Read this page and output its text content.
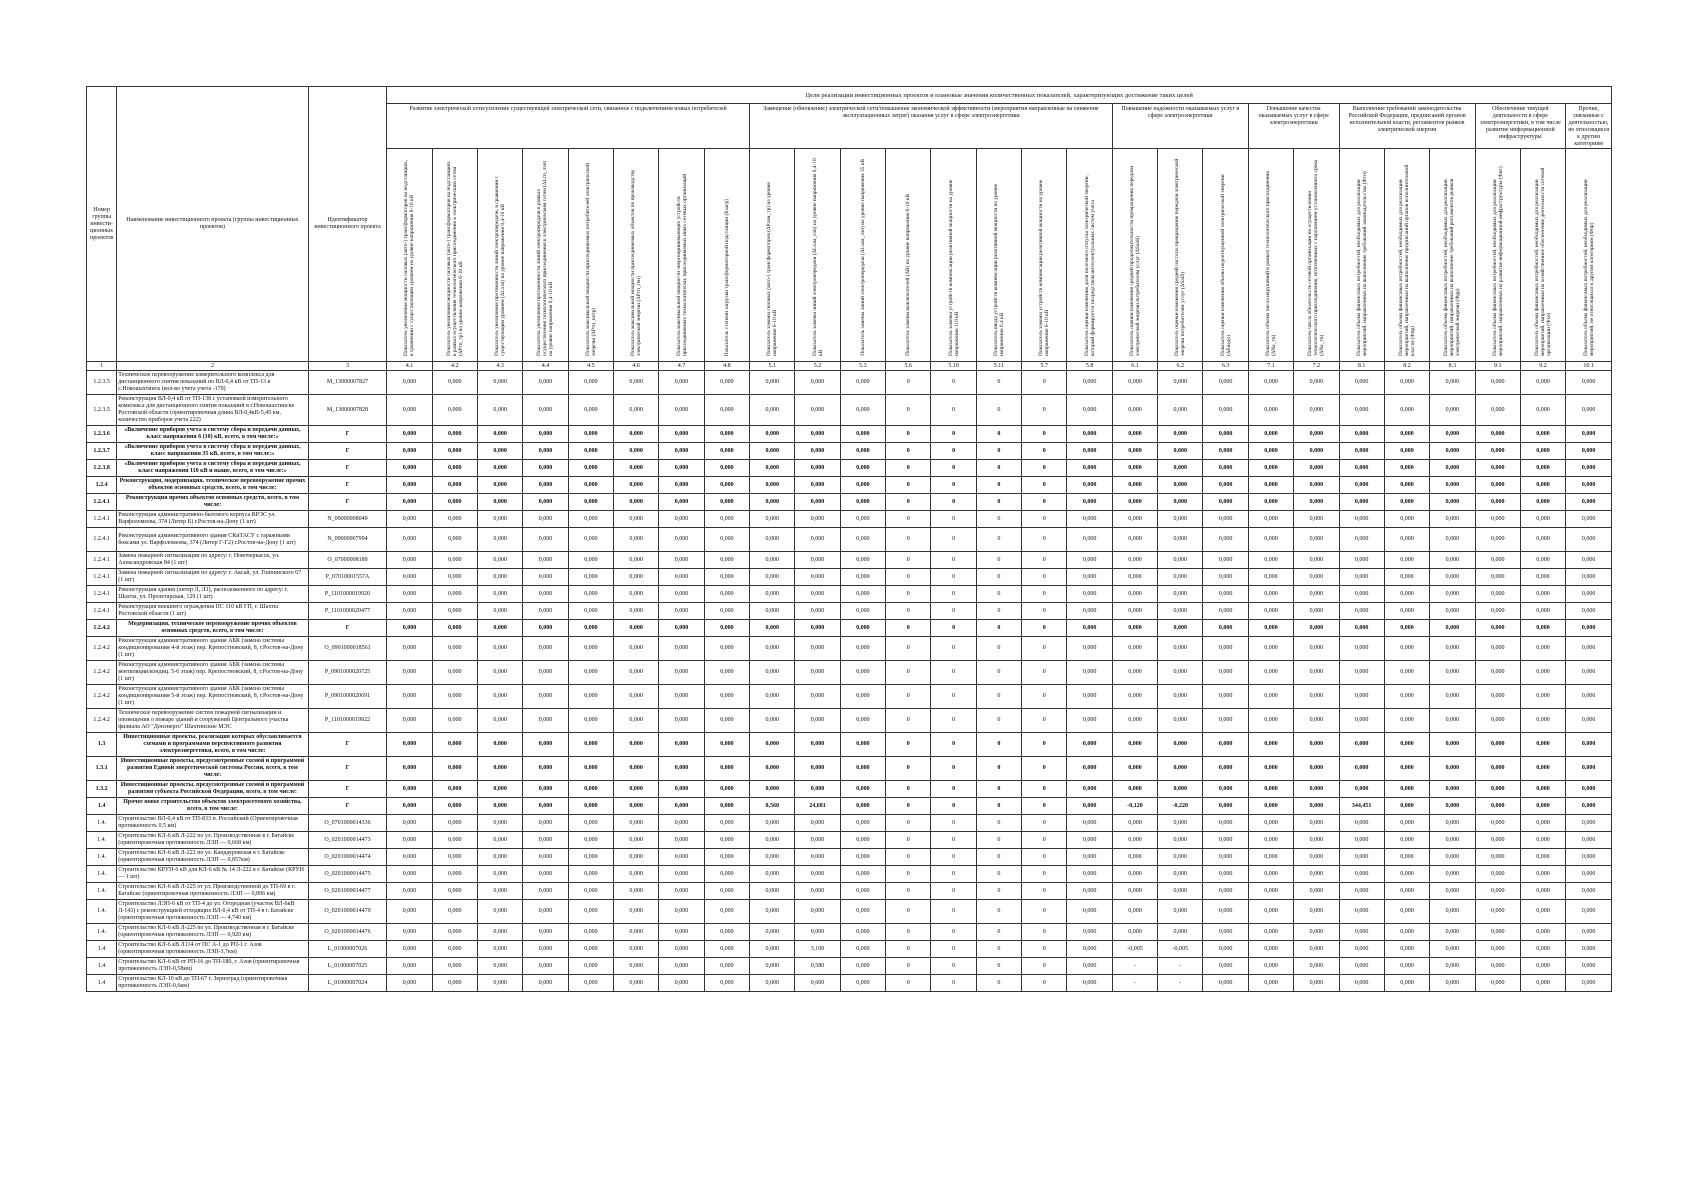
Номер группы инвести-ционных проектов	Наименование инвестиционного проекта (группы инвестиционных проектов)	Идентификатор инвестиционного проекта	Цели реализации инвестиционных проектов и плановые значения количественных показателей, характеризующих достижение таких целей																										
			Развитие электрической сети/усиление существующей электрической сети, связанное с подключением новых потребителей								Замещение (обновление) электрической сети/повышение экономической эффективности (мероприятия направленные на снижение эксплуатационных затрат) оказания услуг в сфере электроэнергетики								Повышение надежности оказываемых услуг в сфере электроэнергетики			Повышение качества оказываемых услуг в сфере электроэнергетики		Выполнение требований законодательства Российской Федерации, предписаний органов исполнительной власти, регламентов рынков электрической энергии			Обеспечение текущей деятельности в сфере электроэнергетики, в том числе развитие информационной инфраструктуры		Прочие, связанные с деятельностью, не относящиеся к другим категориям
			Показатель увеличения мощности силовых (авто-) трансформаторов на подстанциях, в сравнении с существующим уровнем на уровне напряжения 6-10 кВ	Показатель увеличения мощности силовых (авто-) трансформаторов на подстанциях в рамках осуществления технологического присоединения к электрическим сетям (ΔPтп_тр) на уровне напряжения 6-10 кВ	Показатель увеличения протяженности линий электропередачи, в сравнении с существующим уровнем (ΔLлэп) на уровне напряжения 0,4-10 кВ	Показатель увеличения протяженности линий электропередачи в рамках осуществления технологического присоединения к электрическим сетям (ΔLтп_лэп) на уровне напряжения 0,4-10 кВ	Показатель максимальной мощности присоединяемых потребителей электрической энергии (ΔPтп_потр)	Показатель максимальной мощности присоединяемых объектов по производству электрической энергии (ΔPтп_ген)	Показатель максимальной мощности энергопринимающих устройств присоединяемых технологически, присоединяемых иных сетевых организаций	Показатель степени загрузки трансформаторной подстанции (Кзагр)	Показатель замены силовых (авто-) трансформаторов (ΔPзам_тр) на уровне напряжения 6-10 кВ	Показатель замены линий электропередачи (ΔLзам_лэп) на уровне напряжения 0,4-10 кВ	Показатель замены линий электропередачи (ΔLзам_лэп) на уровне напряжения 35 кВ	Показатель замены выключателей (ΔB) на уровне напряжения 6-10 кВ	Показатель замены устройств компенсации реактивной мощности на уровне напряжения 110 кВ	Показатель ввода устройств компенсации реактивной мощности на уровне напряжения 0,4 кВ	Показатель замены устройств компенсации реактивной мощности на уровне напряжения 6-10 кВ	Показатель оценки изменения доли полезного отпуска электрической энергии, который формируется посредством интеллектуальных систем учета	Показатель оценки изменения средней продолжительности прекращения передачи электрической энергии потребителям услуг (ΔSaidi)	Показатель оценки изменения средней частоты прекращения передачи электрической энергии потребителям услуг (ΔSaifi)	Показатель оценки изменения объема недоотпущенной электрической энергии (ΔEнедо)	Показатель объема числа нарушений в рамках технологического присоединения (ΔNа_тп)	Показатель числа обязательств сетевой организации по осуществлению технологического присоединения, исполненных с нарушением установленного срока (ΔNа_тп)	Показатель объема финансовых потребностей, необходимых для реализации мероприятий, направленных на выполнение требований законодательства (Фтп)	Показатель объема финансовых потребностей, необходимых для реализации мероприятий, направленных на выполнение предписаний органов исполнительной власти (Фпр)	Показатель объема финансовых потребностей, необходимых для реализации мероприятий, направленных на выполнение требований регламентов рынков электрической энергии (Фрр)	Показатель объема финансовых потребностей, необходимых для реализации мероприятий, направленных на развитие информационной инфраструктуры (Фит)	Показатель объема финансовых потребностей, необходимых для реализации мероприятий, направленных на хозяйственное обеспечение деятельности сетевой организации (Фхо)	Показатель объема финансовых потребностей, необходимых для реализации мероприятий, не относящихся к другим категориям (Фпр)
1	2	3	4.1	4.2	4.3	4.4	4.5	4.6	4.7	4.8	5.1	5.2	5.3	5.6	5.10	5.11	5.7	5.8	6.1	6.2	6.3	7.1	7.2	8.1	8.2	8.3	9.1	9.2	10.1
1.2.3.5	Техническое перевооружение измерительного комплекса для дистанционного снятия показаний по ВЛ-0,4 кВ от ТП-13 в с.Новошахтинск (кол-во учета учета -179)	M_13000007827	0,000	0,000	0,000	0,000	0,000	0,000	0,000	0,000	0,000	0,000	0,000	0	0	0	0	0,000	0,000	0,000	0,000	0,000	0,000	0,000	0,000	0,000	0,000	0,000	0,000
1.2.3.5	Реконструкция ВЛ-0,4 кВ от ТП-138 с установкой измерительного комплекса для дистанционного снятия показаний в г.Новошахтинске Ростовской области (ориентировочная длина ВЛ-0,4кВ-5,45 км, количество приборов учета 222)	M_13000007828	0,000	0,000	0,000	0,000	0,000	0,000	0,000	0,000	0,000	0,000	0,000	0	0	0	0	0,000	0,000	0,000	0,000	0,000	0,000	0,000	0,000	0,000	0,000	0,000	0,000
1.2.3.6	«Включение приборов учета в систему сбора и передачи данных, класс напряжения 6 (10) кВ, всего, в том числе:»	Г	0,000	0,000	0,000	0,000	0,000	0,000	0,000	0,000	0,000	0,000	0,000	0	0	0	0	0,000	0,000	0,000	0,000	0,000	0,000	0,000	0,000	0,000	0,000	0,000	0,000
1.2.3.7	«Включение приборов учета в систему сбора и передачи данных, класс напряжения 35 кВ, всего, в том числе:»	Г	0,000	0,000	0,000	0,000	0,000	0,000	0,000	0,000	0,000	0,000	0,000	0	0	0	0	0,000	0,000	0,000	0,000	0,000	0,000	0,000	0,000	0,000	0,000	0,000	0,000
1.2.3.8	«Включение приборов учета в систему сбора и передачи данных, класс напряжения 110 кВ и выше, всего, в том числе:»	Г	0,000	0,000	0,000	0,000	0,000	0,000	0,000	0,000	0,000	0,000	0,000	0	0	0	0	0,000	0,000	0,000	0,000	0,000	0,000	0,000	0,000	0,000	0,000	0,000	0,000
1.2.4	Реконструкция, модернизация, техническое перевооружение прочих объектов основных средств, всего, в том числе:	Г	0,000	0,000	0,000	0,000	0,000	0,000	0,000	0,000	0,000	0,000	0,000	0	0	0	0	0,000	0,000	0,000	0,000	0,000	0,000	0,000	0,000	0,000	0,000	0,000	0,000
1.2.4.1	Реконструкция прочих объектов основных средств, всего, в том числе:	Г	0,000	0,000	0,000	0,000	0,000	0,000	0,000	0,000	0,000	0,000	0,000	0	0	0	0	0,000	0,000	0,000	0,000	0,000	0,000	0,000	0,000	0,000	0,000	0,000	0,000
1.2.4.1	Реконструкция административно-бытового корпуса ВРЭС ул. Варфоломеева, 374 (Литер Б) г.Ростов-на-Дону (1 шт)	N_09000008049	0,000	0,000	0,000	0,000	0,000	0,000	0,000	0,000	0,000	0,000	0,000	0	0	0	0	0,000	0,000	0,000	0,000	0,000	0,000	0,000	0,000	0,000	0,000	0,000	0,000
1.2.4.1	Реконструкция административного здания СКиТАСУ с гаражными боксами ул. Варфоломеева, 374 (Литер Г-Г2) г.Ростов-на-Дону (1 шт)	N_09000007994	0,000	0,000	0,000	0,000	0,000	0,000	0,000	0,000	0,000	0,000	0,000	0	0	0	0	0,000	0,000	0,000	0,000	0,000	0,000	0,000	0,000	0,000	0,000	0,000	0,000
1.2.4.1	Замена пожарной сигнализации по адресу: г. Новочеркасск, ул. Александровская 84 (1 шт)	O_07000008189	0,000	0,000	0,000	0,000	0,000	0,000	0,000	0,000	0,000	0,000	0,000	0	0	0	0	0,000	0,000	0,000	0,000	0,000	0,000	0,000	0,000	0,000	0,000	0,000	0,000
1.2.4.1	Замена пожарной сигнализации по адресу: г. Аксай, ул. Гоппинского 67 (1 шт)	P_07010001557А	0,000	0,000	0,000	0,000	0,000	0,000	0,000	0,000	0,000	0,000	0,000	0	0	0	0	0,000	0,000	0,000	0,000	0,000	0,000	0,000	0,000	0,000	0,000	0,000	0,000
1.2.4.1	Реконструкция здания (литер Л, Л1), расположенного по адресу: г. Шахты, ул. Пролетарская, 129 (1 шт)	P_1101000019920	0,000	0,000	0,000	0,000	0,000	0,000	0,000	0,000	0,000	0,000	0,000	0	0	0	0	0,000	0,000	0,000	0,000	0,000	0,000	0,000	0,000	0,000	0,000	0,000	0,000
1.2.4.1	Реконструкция внешнего ограждения ПС 110 кВ ГП, г. Шахты Ростовской области (1 шт)	P_1101000020477	0,000	0,000	0,000	0,000	0,000	0,000	0,000	0,000	0,000	0,000	0,000	0	0	0	0	0,000	0,000	0,000	0,000	0,000	0,000	0,000	0,000	0,000	0,000	0,000	0,000
1.2.4.2	Модернизация, техническое перевооружение прочих объектов основных средств, всего, в том числе:	Г	0,000	0,000	0,000	0,000	0,000	0,000	0,000	0,000	0,000	0,000	0,000	0	0	0	0	0,000	0,000	0,000	0,000	0,000	0,000	0,000	0,000	0,000	0,000	0,000	0,000
1.2.4.2	Реконструкция административного здания АБК (замена системы кондиционирования 4-й этаж) пер. Крепостновский, 8, г.Ростов-на-Дону (1 шт)	O_0901000018561	0,000	0,000	0,000	0,000	0,000	0,000	0,000	0,000	0,000	0,000	0,000	0	0	0	0	0,000	0,000	0,000	0,000	0,000	0,000	0,000	0,000	0,000	0,000	0,000	0,000
1.2.4.2	Реконструкция административного здания АБК (замена системы вентиляции/кондиц. 5-6 этаж) пер. Крепостновский, 8, г.Ростов-на-Дону (1 шт)	P_0901000020725	0,000	0,000	0,000	0,000	0,000	0,000	0,000	0,000	0,000	0,000	0,000	0	0	0	0	0,000	0,000	0,000	0,000	0,000	0,000	0,000	0,000	0,000	0,000	0,000	0,000
1.2.4.2	Реконструкция административного здания АБК (замена системы кондиционирования 5-й этаж) пер. Крепостновский, 8, г.Ростов-на-Дону (1 шт)	P_0901000020691	0,000	0,000	0,000	0,000	0,000	0,000	0,000	0,000	0,000	0,000	0,000	0	0	0	0	0,000	0,000	0,000	0,000	0,000	0,000	0,000	0,000	0,000	0,000	0,000	0,000
1.2.4.2	Техническое перевооружение систем пожарной сигнализации и оповещения о пожаре зданий и сооружений Центрального участка филиала АО "Донэнерго" Шахтинские МЭС	P_1101000019922	0,000	0,000	0,000	0,000	0,000	0,000	0,000	0,000	0,000	0,000	0,000	0	0	0	0	0,000	0,000	0,000	0,000	0,000	0,000	0,000	0,000	0,000	0,000	0,000	0,000
1.3	Инвестиционные проекты, реализация которых обуславливается схемами и программами перспективного развития электроэнергетики, всего, в том числе:	Г	0,000	0,000	0,000	0,000	0,000	0,000	0,000	0,000	0,000	0,000	0,000	0	0	0	0	0,000	0,000	0,000	0,000	0,000	0,000	0,000	0,000	0,000	0,000	0,000	0,000
1.3.1	Инвестиционные проекты, предусмотренные схемой и программой развития Единой энергетической системы России, всего, в том числе:	Г	0,000	0,000	0,000	0,000	0,000	0,000	0,000	0,000	0,000	0,000	0,000	0	0	0	0	0,000	0,000	0,000	0,000	0,000	0,000	0,000	0,000	0,000	0,000	0,000	0,000
1.3.2	Инвестиционные проекты, предусмотренные схемой и программой развития субъекта Российской Федерации, всего, в том числе:	Г	0,000	0,000	0,000	0,000	0,000	0,000	0,000	0,000	0,000	0,000	0,000	0	0	0	0	0,000	0,000	0,000	0,000	0,000	0,000	0,000	0,000	0,000	0,000	0,000	0,000
1.4	Прочее новое строительство объектов электросетевого хозяйства, всего, в том числе:	Г	0,000	0,000	0,000	0,000	0,000	0,000	0,000	0,000	8,560	24,681	0,000	0	0	0	0	0,000	-0,120	-0,220	0,000	0,000	0,000	344,451	0,000	0,000	0,000	0,000	0,000
1.4.	Строительство ВЛ-0,4 кВ от ТП-833 п. Российский (Ориентировочная протяженность 0,5 км)	O_0701000014336	0,000	0,000	0,000	0,000	0,000	0,000	0,000	0,000	0,000	0,000	0,000	0	0	0	0	0,000	0,000	0,000	0,000	0,000	0,000	0,000	0,000	0,000	0,000	0,000	0,000
1.4.	Строительство КЛ-6 кВ Л-222 по ул. Производственная в г. Батайске (ориентировочная протяженность ЛЭП — 0,668 км)	O_0201000014473	0,000	0,000	0,000	0,000	0,000	0,000	0,000	0,000	0,000	0,000	0,000	0	0	0	0	0,000	0,000	0,000	0,000	0,000	0,000	0,000	0,000	0,000	0,000	0,000	0,000
1.4.	Строительство КЛ-6 кВ Л-222 по ул. Кандауровская в г. Батайске (ориентировочная протяженность ЛЭП — 0,857км)	O_0201000014474	0,000	0,000	0,000	0,000	0,000	0,000	0,000	0,000	0,000	0,000	0,000	0	0	0	0	0,000	0,000	0,000	0,000	0,000	0,000	0,000	0,000	0,000	0,000	0,000	0,000
1.4.	Строительство КРУН-6 кВ для КЛ-6 кВ № 14 Л-222 в г. Батайске (КРУН — 1 шт)	O_0201000014475	0,000	0,000	0,000	0,000	0,000	0,000	0,000	0,000	0,000	0,000	0,000	0	0	0	0	0,000	0,000	0,000	0,000	0,000	0,000	0,000	0,000	0,000	0,000	0,000	0,000
1.4.	Строительство КЛ-6 кВ Л-225 от ул. Производственной до ТП-69 в г. Батайске (ориентировочная протяженность ЛЭП — 0,896 км)	O_0201000014477	0,000	0,000	0,000	0,000	0,000	0,000	0,000	0,000	0,000	0,000	0,000	0	0	0	0	0,000	0,000	0,000	0,000	0,000	0,000	0,000	0,000	0,000	0,000	0,000	0,000
1.4.	Строительство ЛЭП-6 кВ от ТП-4 до ул. Огородная (участок ВЛ-6кВ Л-143) с реконструкцией отходящих ВЛ-0,4 кВ от ТП-4 в г. Батайске (ориентировочная протяженность ЛЭП — 4,740 км)	O_0201000014479	0,000	0,000	0,000	0,000	0,000	0,000	0,000	0,000	0,000	0,000	0,000	0	0	0	0	0,000	0,000	0,000	0,000	0,000	0,000	0,000	0,000	0,000	0,000	0,000	0,000
1.4.	Строительство КЛ-6 кВ Л-225 по ул. Производственная в г. Батайске (ориентировочная протяженность ЛЭП — 0,920 км)	O_0201000014476	0,000	0,000	0,000	0,000	0,000	0,000	0,000	0,000	0,000	0,000	0,000	0	0	0	0	0,000	0,000	0,000	0,000	0,000	0,000	0,000	0,000	0,000	0,000	0,000	0,000
1.4	Строительство КЛ-6 кВ Л114 от ПС А-1 до РП-1 г. Азов (ориентировочная протяженность ЛЭП-3,7км)	L_01000007026	0,000	0,000	0,000	0,000	0,000	0,000	0,000	0,000	0,000	3,100	0,000	0	0	0	0	0,000	-0,005	-0,005	0,000	0,000	0,000	0,000	0,000	0,000	0,000	0,000	0,000
1.4	Строительство КЛ-6 кВ от РП-16 до ТП-180, г. Азов (ориентировочная протяженность ЛЭП-0,58км)	L_01000007025	0,000	0,000	0,000	0,000	0,000	0,000	0,000	0,000	0,000	0,580	0,000	0	0	0	0	0,000	-	-	0,000	0,000	0,000	0,000	0,000	0,000	0,000	0,000	0,000
1.4	Строительство КЛ-10 кВ до ТП-67 г. Зерноград (ориентировочная протяженность ЛЭП-0,6км)	L_01000007024	0,000	0,000	0,000	0,000	0,000	0,000	0,000	0,000	0,000	0,600	0,000	0	0	0	0	0,000	-	-	0,000	0,000	0,000	0,000	0,000	0,000	0,000	0,000	0,000
